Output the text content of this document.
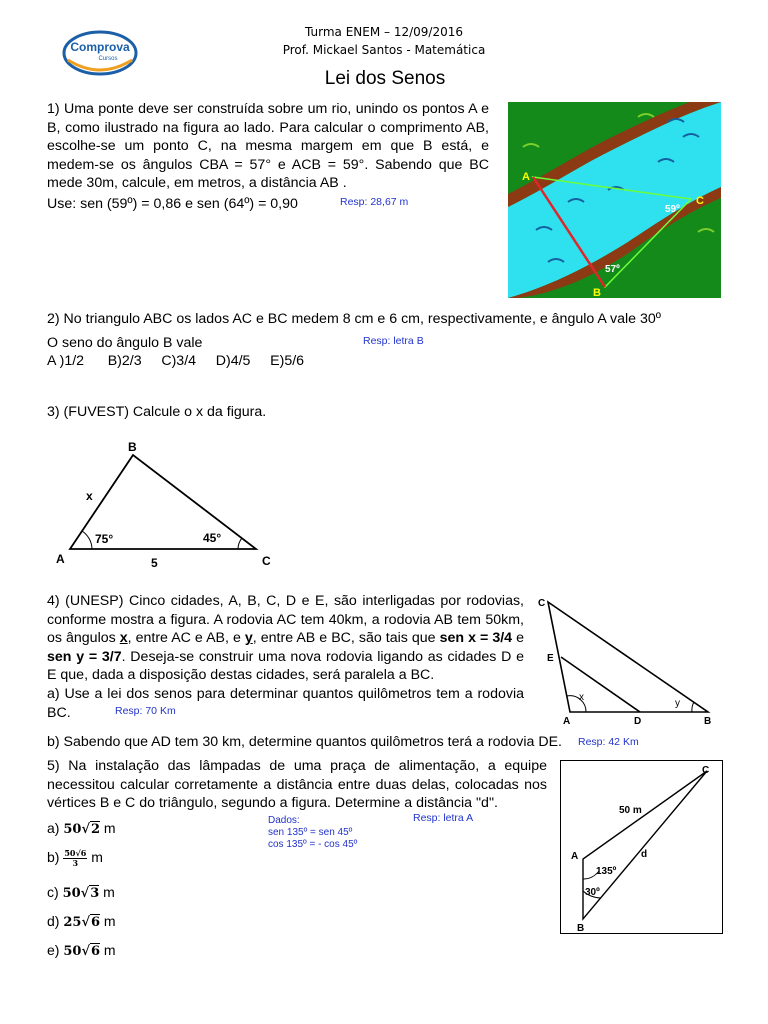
Comprova
Cursos
Turma ENEM – 12/09/2016
Prof. Mickael Santos - Matemática
Lei dos Senos
1) Uma ponte deve ser construída sobre um rio, unindo os pontos A e B, como ilustrado na figura ao lado. Para calcular o comprimento AB, escolhe-se um ponto C, na mesma margem em que B está, e medem-se os ângulos CBA = 57° e ACB = 59°. Sabendo que BC mede 30m, calcule, em metros, a distância AB .
Use: sen (59º) = 0,86 e sen (64º) = 0,90	Resp: 28,67 m
A
C
B
59º
57º
2) No triangulo ABC os lados AC e BC medem 8 cm e 6 cm, respectivamente, e ângulo A vale 30º
O seno do ângulo B vale	Resp: letra B
A )1/2      B)2/3     C)3/4     D)4/5     E)5/6
3) (FUVEST) Calcule o x da figura.
B
A	C
x
5
75°	45°
4) (UNESP) Cinco cidades, A, B, C, D e E, são interligadas por rodovias, conforme mostra a figura. A rodovia AC tem 40km, a rodovia AB tem 50km, os ângulos x, entre AC e AB, e y, entre AB e BC, são tais que sen x = 3/4 e sen y = 3/7. Deseja-se construir uma nova rodovia ligando as cidades D e E que, dada a disposição destas cidades, será paralela a BC.
a) Use a lei dos senos para determinar quantos quilômetros tem a rodovia BC.	Resp: 70 Km
b) Sabendo que AD tem 30 km, determine quantos quilômetros terá a rodovia DE. Resp: 42 Km
C
E
A	D	B
x
y
5) Na instalação das lâmpadas de uma praça de alimentação, a equipe necessitou calcular corretamente a distância entre duas delas, colocadas nos vértices B e C do triângulo, segundo a figura. Determine a distância "d".
Resp: letra A
Dados:
sen 135º = sen 45º
cos 135º = - cos 45º
a) 50√2 m
$b) \frac{50√6}{3}$ m
c) 50√3 m
d) 25√6 m
e) 50√6 m
C
A
B
50 m
d
135º
30º
